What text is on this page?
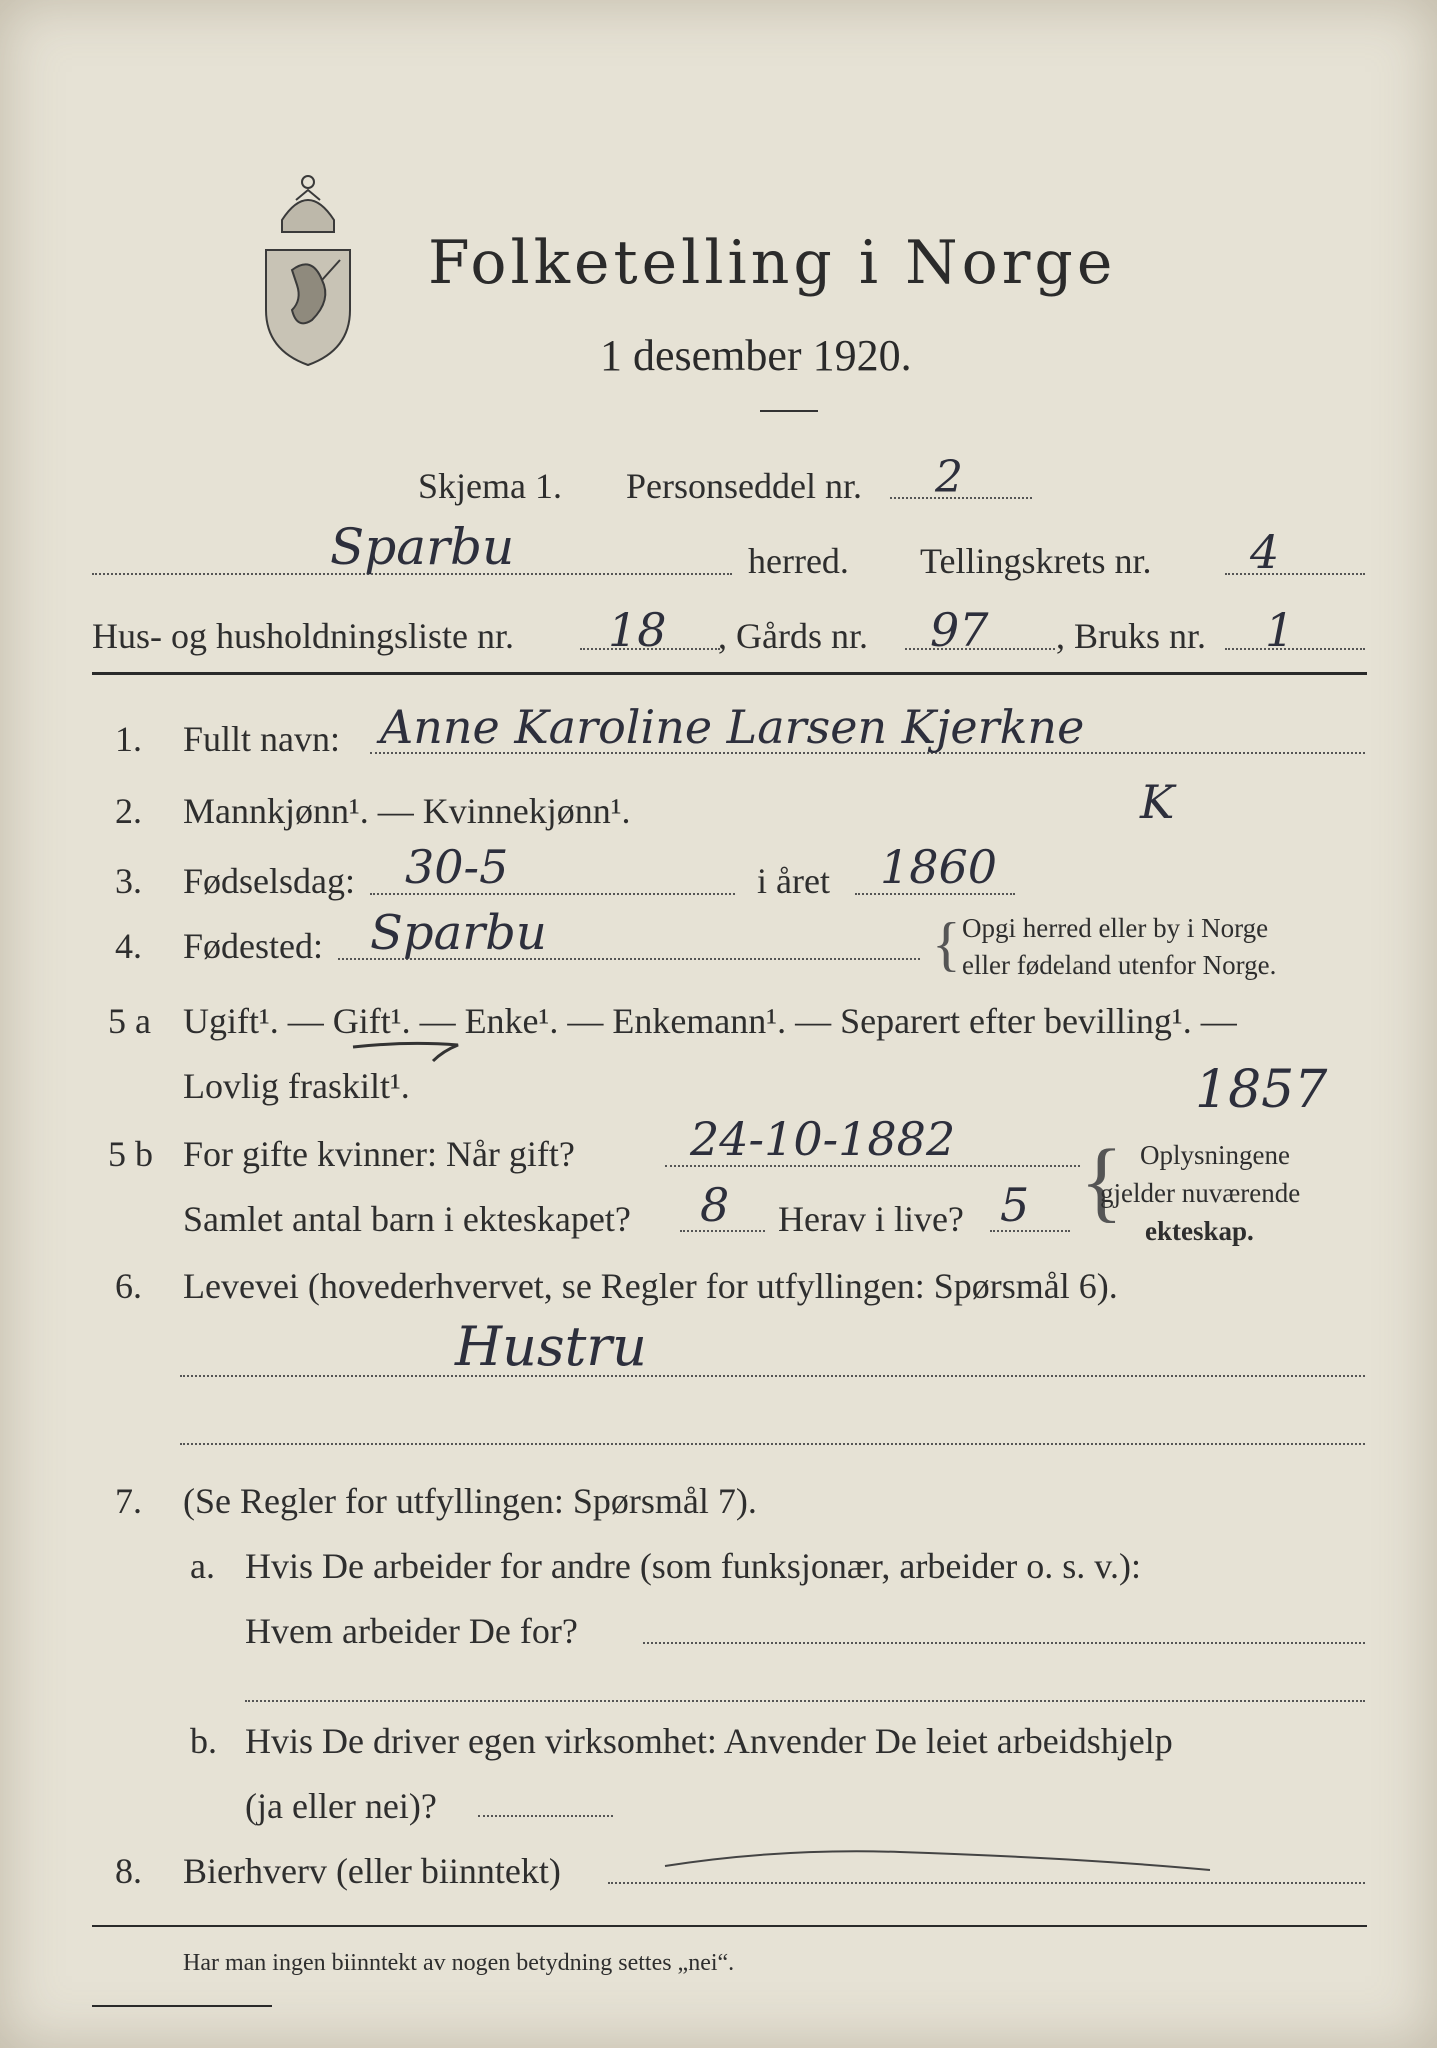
Folketelling i Norge
1 desember 1920.
Skjema 1. Personseddel nr. 2
Sparbu	herred. Tellingskrets nr. 4
Hus- og husholdningsliste nr. 18 , Gårds nr. 97 , Bruks nr. 1
1. Fullt navn: Anne Karoline Larsen Kjerkne
K
2. Mannkjønn¹. — Kvinnekjønn¹.
3. Fødselsdag: 30-5	i året 1860
4. Fødested: Sparbu	{ Opgi herred eller by i Norge
eller fødeland utenfor Norge.
5 a Ugift¹. — Gift¹. — Enke¹. — Enkemann¹. — Separert efter bevilling¹. —
Lovlig fraskilt¹.	1857
5 b For gifte kvinner: Når gift?	24-10-1882
Samlet antal barn i ekteskapet? 8 Herav i live? 5 { Oplysningene
gjelder nuværende
ekteskap.
6. Levevei (hovederhvervet, se Regler for utfyllingen: Spørsmål 6).
Hustru
7. (Se Regler for utfyllingen: Spørsmål 7).
a. Hvis De arbeider for andre (som funksjonær, arbeider o. s. v.):
Hvem arbeider De for?
b. Hvis De driver egen virksomhet: Anvender De leiet arbeidshjelp
(ja eller nei)?
8. Bierhverv (eller biinntekt)
Har man ingen biinntekt av nogen betydning settes „nei“.
